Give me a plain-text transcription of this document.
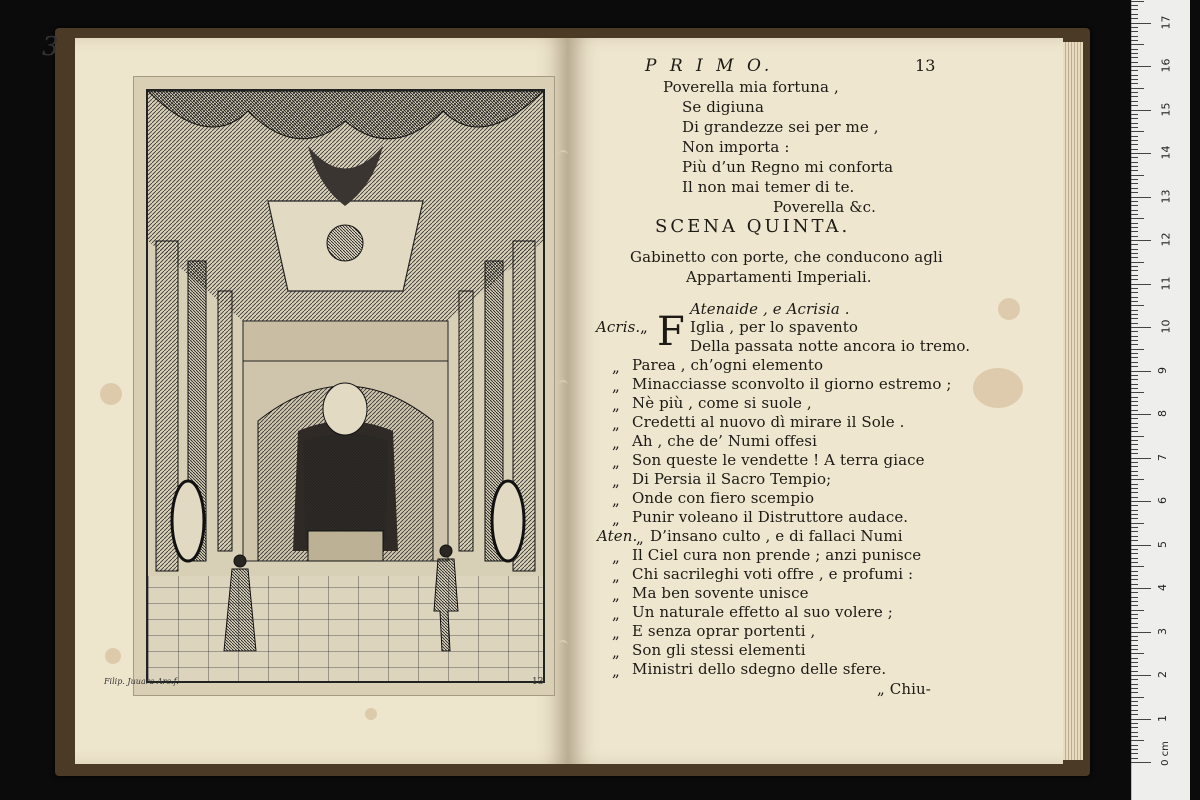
3
Filip. Juuara Arc.f.	13
P R I M O.	13
Poverella mia fortuna ,
Se digiuna
Di grandezze sei per me ,
Non importa :
Più d’un Regno mi conforta
Il non mai temer di te.
Poverella &c.
SCENA QUINTA.
Gabinetto con porte, che conducono agli
Appartamenti Imperiali.
Atenaide , e Acrisia .
Acris. „ F Iglia , per lo spavento
Della passata notte ancora io tremo.
„ Parea , ch’ogni elemento
„ Minacciasse sconvolto il giorno estremo ;
„ Nè più , come si suole ,
„ Credetti al nuovo dì mirare il Sole .
„ Ah , che de’ Numi offesi
„ Son queste le vendette ! A terra giace
„ Di Persia il Sacro Tempio;
„ Onde con fiero scempio
„ Punir voleano il Distruttore audace.
Aten.
„ D’insano culto , e di fallaci Numi
„ Il Ciel cura non prende ; anzi punisce
„ Chi sacrileghi voti offre , e profumi :
„ Ma ben sovente unisce
„ Un naturale effetto al suo volere ;
„ E senza oprar portenti ,
„ Son gli stessi elementi
„ Ministri dello sdegno delle sfere.
„ Chiu-
0 cm
1
2
3
4
5
6
7
8
9
10
11
12
13
14
15
16
17
